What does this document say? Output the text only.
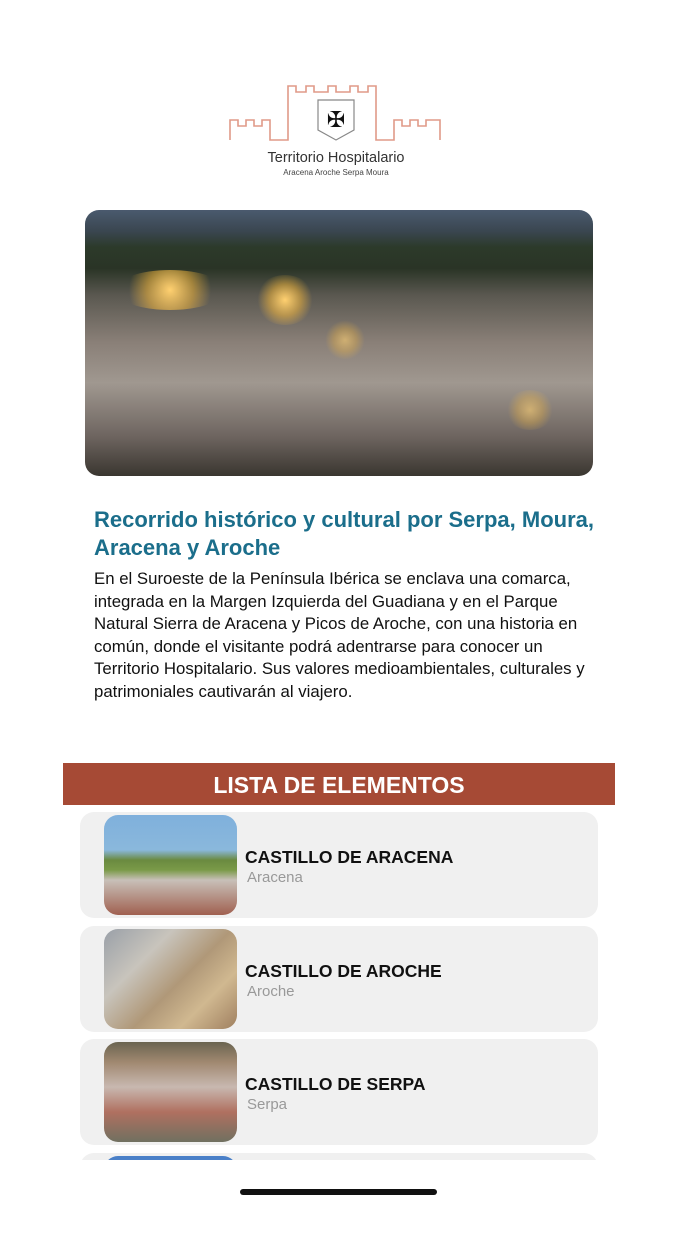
✠
Territorio Hospitalario
Aracena Aroche Serpa Moura
Recorrido histórico y cultural por Serpa, Moura, Aracena y Aroche

En el Suroeste de la Península Ibérica se enclava una comarca, integrada en la Margen Izquierda del Guadiana y en el Parque Natural Sierra de Aracena y Picos de Aroche, con una historia en común, donde el visitante podrá adentrarse para conocer un Territorio Hospitalario. Sus valores medioambientales, culturales y patrimoniales cautivarán al viajero.

LISTA DE ELEMENTOS
CASTILLO DE ARACENA
Aracena
CASTILLO DE AROCHE
Aroche
CASTILLO DE SERPA
Serpa
